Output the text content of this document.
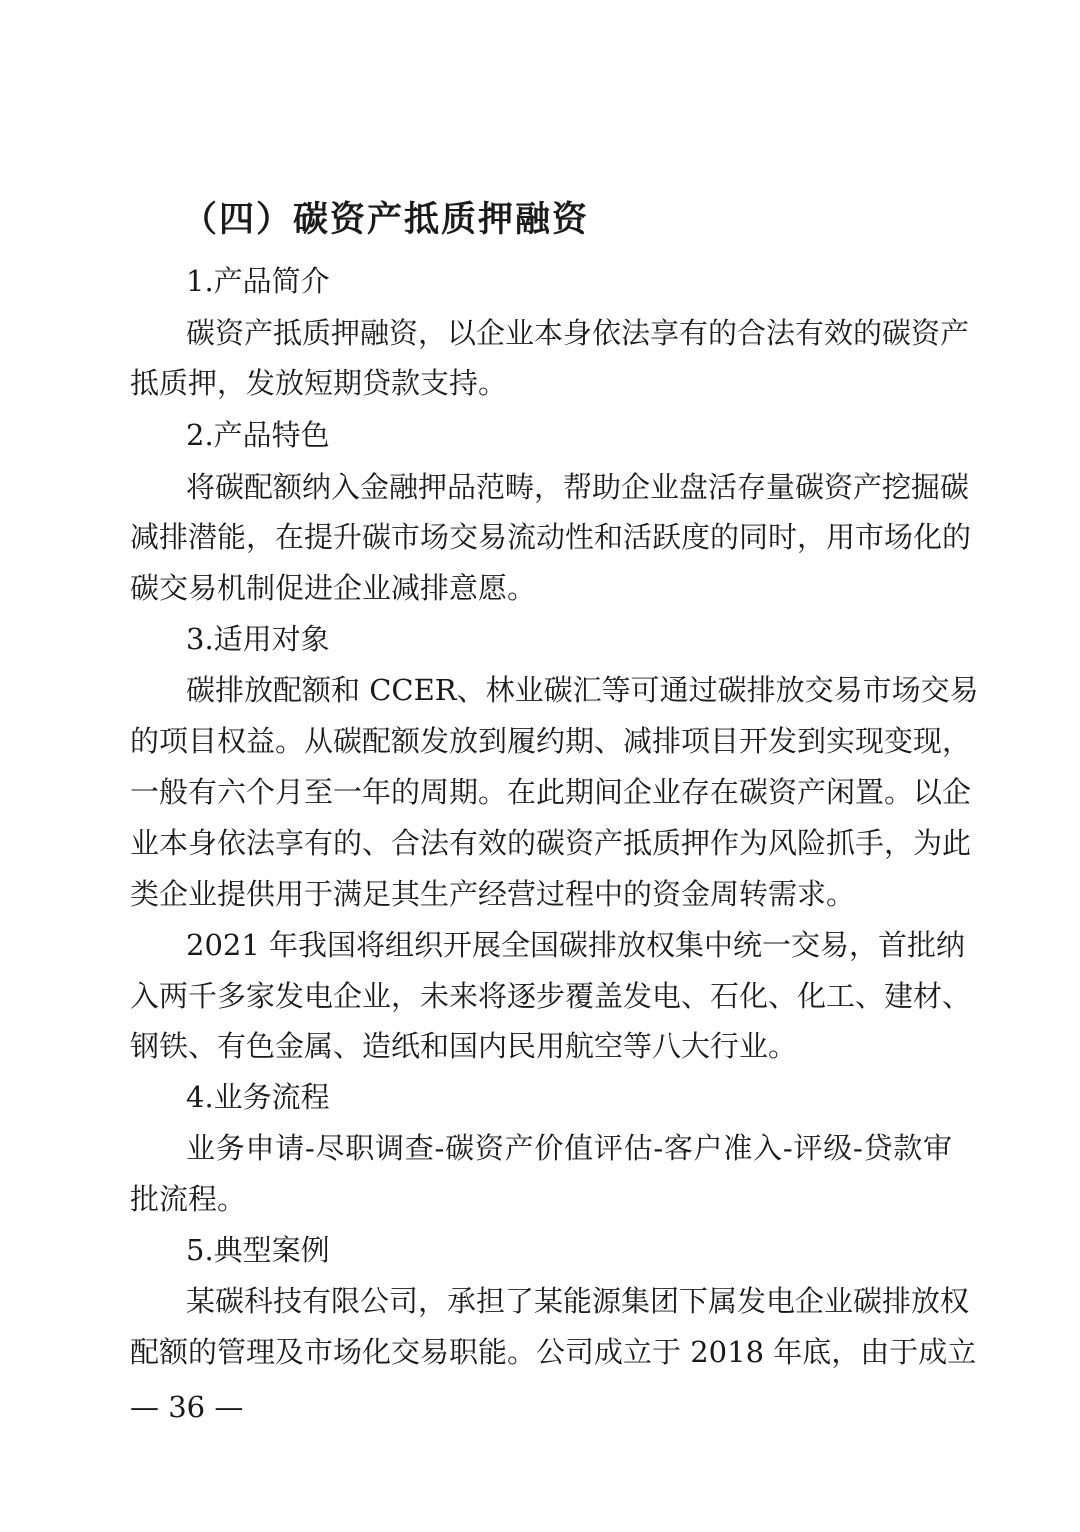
（四）碳资产抵质押融资
1.产品简介
碳资产抵质押融资，以企业本身依法享有的合法有效的碳资产
抵质押，发放短期贷款支持。
2.产品特色
将碳配额纳入金融押品范畴，帮助企业盘活存量碳资产挖掘碳
减排潜能，在提升碳市场交易流动性和活跃度的同时，用市场化的
碳交易机制促进企业减排意愿。
3.适用对象
碳排放配额和 CCER、林业碳汇等可通过碳排放交易市场交易
的项目权益。从碳配额发放到履约期、减排项目开发到实现变现，
一般有六个月至一年的周期。在此期间企业存在碳资产闲置。以企
业本身依法享有的、合法有效的碳资产抵质押作为风险抓手，为此
类企业提供用于满足其生产经营过程中的资金周转需求。
2021 年我国将组织开展全国碳排放权集中统一交易，首批纳
入两千多家发电企业，未来将逐步覆盖发电、石化、化工、建材、
钢铁、有色金属、造纸和国内民用航空等八大行业。
4.业务流程
业务申请-尽职调查-碳资产价值评估-客户准入-评级-贷款审
批流程。
5.典型案例
某碳科技有限公司，承担了某能源集团下属发电企业碳排放权
配额的管理及市场化交易职能。公司成立于 2018 年底，由于成立
— 36 —
